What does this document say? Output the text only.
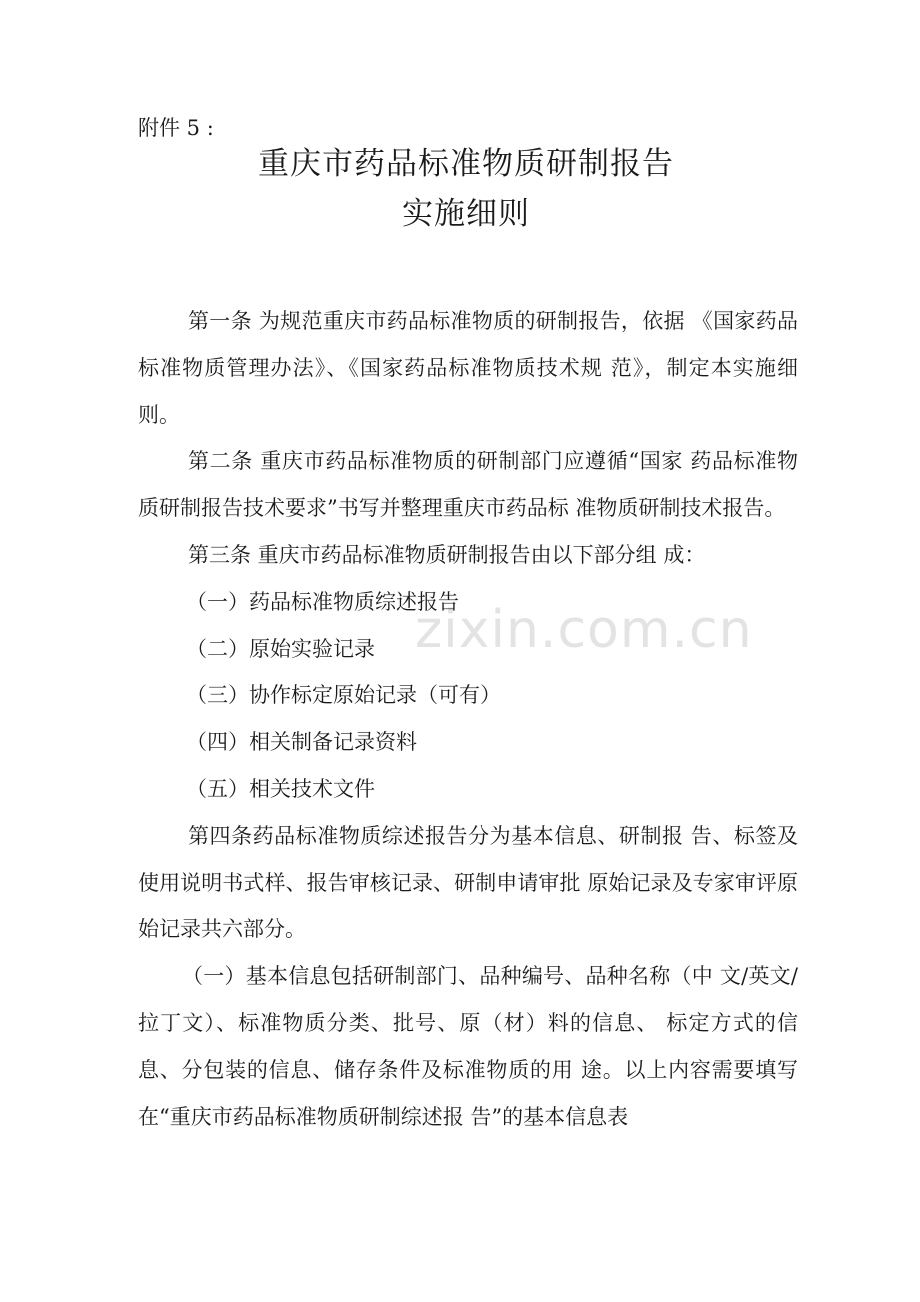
zixin.com.cn
附件 5 :
重庆市药品标准物质研制报告
实施细则

第一条 为规范重庆市药品标准物质的研制报告，依据 《国家药品标准物质管理办法》、《国家药品标准物质技术规 范》，制定本实施细则。

第二条 重庆市药品标准物质的研制部门应遵循“国家 药品标准物质研制报告技术要求”书写并整理重庆市药品标 准物质研制技术报告。

第三条 重庆市药品标准物质研制报告由以下部分组 成：

（一）药品标准物质综述报告

（二）原始实验记录

（三）协作标定原始记录（可有）

（四）相关制备记录资料

（五）相关技术文件

第四条药品标准物质综述报告分为基本信息、研制报 告、标签及使用说明书式样、报告审核记录、研制申请审批 原始记录及专家审评原始记录共六部分。

（一）基本信息包括研制部门、品种编号、品种名称（中 文/英文/拉丁文）、标准物质分类、批号、原（材）料的信息、 标定方式的信息、分包装的信息、储存条件及标准物质的用 途。以上内容需要填写在“重庆市药品标准物质研制综述报 告”的基本信息表
